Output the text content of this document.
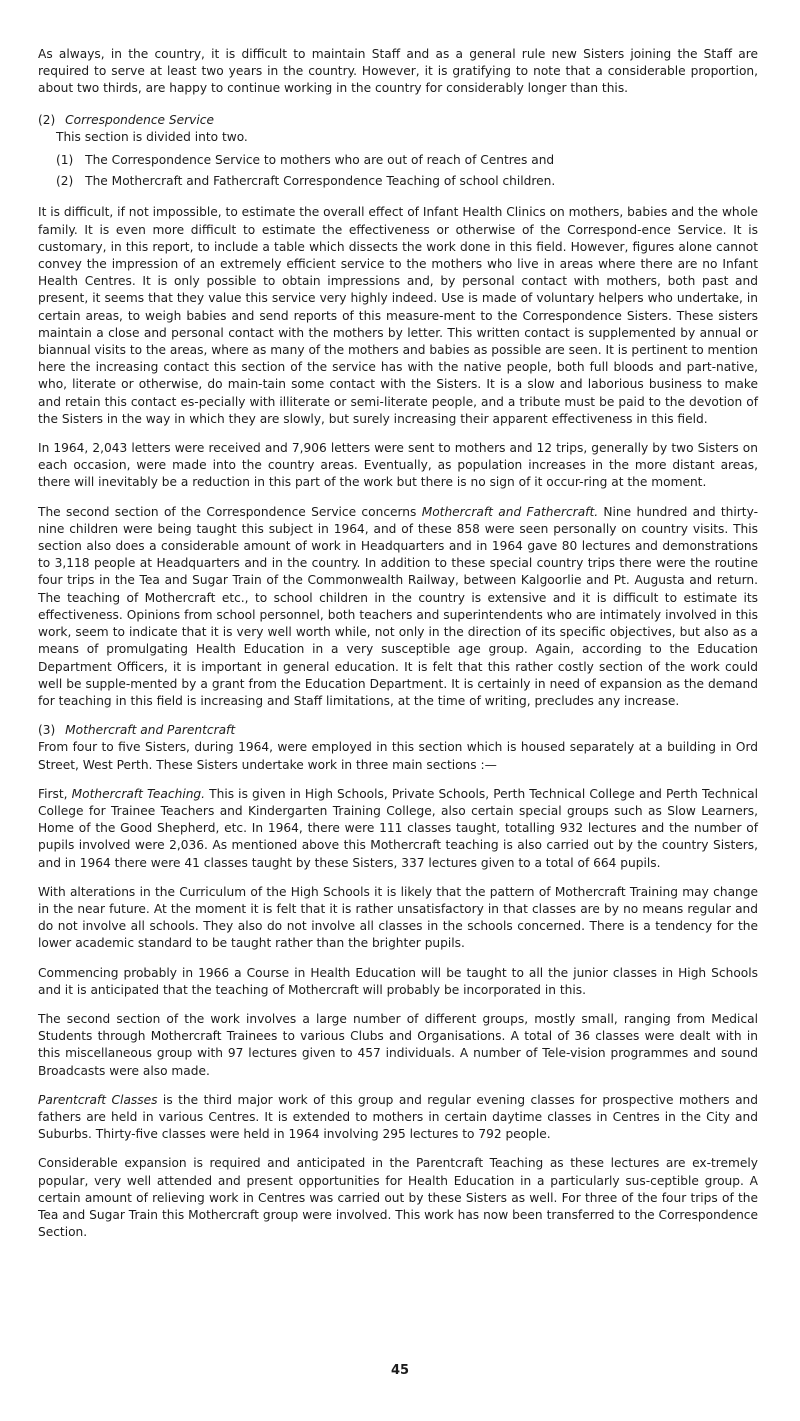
As always, in the country, it is difficult to maintain Staff and as a general rule new Sisters joining the Staff are required to serve at least two years in the country. However, it is gratifying to note that a considerable proportion, about two thirds, are happy to continue working in the country for considerably longer than this.

(2) Correspondence Service
This section is divided into two.
(1) The Correspondence Service to mothers who are out of reach of Centres and
(2) The Mothercraft and Fathercraft Correspondence Teaching of school children.

It is difficult, if not impossible, to estimate the overall effect of Infant Health Clinics on mothers, babies and the whole family. It is even more difficult to estimate the effectiveness or otherwise of the Correspond-ence Service. It is customary, in this report, to include a table which dissects the work done in this field. However, figures alone cannot convey the impression of an extremely efficient service to the mothers who live in areas where there are no Infant Health Centres. It is only possible to obtain impressions and, by personal contact with mothers, both past and present, it seems that they value this service very highly indeed. Use is made of voluntary helpers who undertake, in certain areas, to weigh babies and send reports of this measure-ment to the Correspondence Sisters. These sisters maintain a close and personal contact with the mothers by letter. This written contact is supplemented by annual or biannual visits to the areas, where as many of the mothers and babies as possible are seen. It is pertinent to mention here the increasing contact this section of the service has with the native people, both full bloods and part-native, who, literate or otherwise, do main-tain some contact with the Sisters. It is a slow and laborious business to make and retain this contact es-pecially with illiterate or semi-literate people, and a tribute must be paid to the devotion of the Sisters in the way in which they are slowly, but surely increasing their apparent effectiveness in this field.

In 1964, 2,043 letters were received and 7,906 letters were sent to mothers and 12 trips, generally by two Sisters on each occasion, were made into the country areas. Eventually, as population increases in the more distant areas, there will inevitably be a reduction in this part of the work but there is no sign of it occur-ring at the moment.

The second section of the Correspondence Service concerns Mothercraft and Fathercraft. Nine hundred and thirty-nine children were being taught this subject in 1964, and of these 858 were seen personally on country visits. This section also does a considerable amount of work in Headquarters and in 1964 gave 80 lectures and demonstrations to 3,118 people at Headquarters and in the country. In addition to these special country trips there were the routine four trips in the Tea and Sugar Train of the Commonwealth Railway, between Kalgoorlie and Pt. Augusta and return. The teaching of Mothercraft etc., to school children in the country is extensive and it is difficult to estimate its effectiveness. Opinions from school personnel, both teachers and superintendents who are intimately involved in this work, seem to indicate that it is very well worth while, not only in the direction of its specific objectives, but also as a means of promulgating Health Education in a very susceptible age group. Again, according to the Education Department Officers, it is important in general education. It is felt that this rather costly section of the work could well be supple-mented by a grant from the Education Department. It is certainly in need of expansion as the demand for teaching in this field is increasing and Staff limitations, at the time of writing, precludes any increase.

(3) Mothercraft and Parentcraft

From four to five Sisters, during 1964, were employed in this section which is housed separately at a building in Ord Street, West Perth. These Sisters undertake work in three main sections :—

First, Mothercraft Teaching. This is given in High Schools, Private Schools, Perth Technical College and Perth Technical College for Trainee Teachers and Kindergarten Training College, also certain special groups such as Slow Learners, Home of the Good Shepherd, etc. In 1964, there were 111 classes taught, totalling 932 lectures and the number of pupils involved were 2,036. As mentioned above this Mothercraft teaching is also carried out by the country Sisters, and in 1964 there were 41 classes taught by these Sisters, 337 lectures given to a total of 664 pupils.

With alterations in the Curriculum of the High Schools it is likely that the pattern of Mothercraft Training may change in the near future. At the moment it is felt that it is rather unsatisfactory in that classes are by no means regular and do not involve all schools. They also do not involve all classes in the schools concerned. There is a tendency for the lower academic standard to be taught rather than the brighter pupils.

Commencing probably in 1966 a Course in Health Education will be taught to all the junior classes in High Schools and it is anticipated that the teaching of Mothercraft will probably be incorporated in this.

The second section of the work involves a large number of different groups, mostly small, ranging from Medical Students through Mothercraft Trainees to various Clubs and Organisations. A total of 36 classes were dealt with in this miscellaneous group with 97 lectures given to 457 individuals. A number of Tele-vision programmes and sound Broadcasts were also made.

Parentcraft Classes is the third major work of this group and regular evening classes for prospective mothers and fathers are held in various Centres. It is extended to mothers in certain daytime classes in Centres in the City and Suburbs. Thirty-five classes were held in 1964 involving 295 lectures to 792 people.

Considerable expansion is required and anticipated in the Parentcraft Teaching as these lectures are ex-tremely popular, very well attended and present opportunities for Health Education in a particularly sus-ceptible group. A certain amount of relieving work in Centres was carried out by these Sisters as well. For three of the four trips of the Tea and Sugar Train this Mothercraft group were involved. This work has now been transferred to the Correspondence Section.

45
